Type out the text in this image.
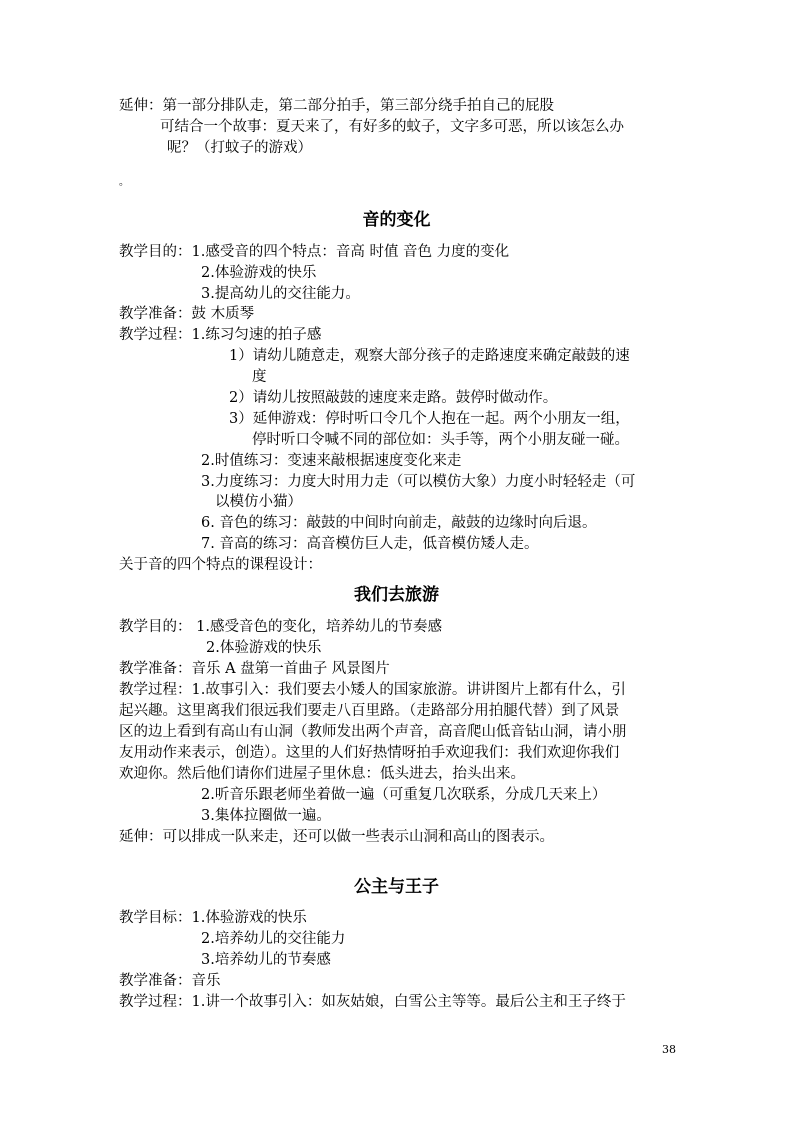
延伸：第一部分排队走，第二部分拍手，第三部分绕手拍自己的屁股
可结合一个故事：夏天来了，有好多的蚊子，文字多可恶，所以该怎么办
呢？（打蚊子的游戏）
。
音的变化
教学目的：1.感受音的四个特点：音高 时值 音色 力度的变化
2.体验游戏的快乐
3.提高幼儿的交往能力。
教学准备：鼓 木质琴
教学过程：1.练习匀速的拍子感
1）请幼儿随意走，观察大部分孩子的走路速度来确定敲鼓的速
度
2）请幼儿按照敲鼓的速度来走路。鼓停时做动作。
3）延伸游戏：停时听口令几个人抱在一起。两个小朋友一组，
停时听口令喊不同的部位如：头手等，两个小朋友碰一碰。
2.时值练习：变速来敲根据速度变化来走
3.力度练习：力度大时用力走（可以模仿大象）力度小时轻轻走（可
以模仿小猫）
6. 音色的练习：敲鼓的中间时向前走，敲鼓的边缘时向后退。
7. 音高的练习：高音模仿巨人走，低音模仿矮人走。
关于音的四个特点的课程设计：
我们去旅游
教学目的： 1.感受音色的变化，培养幼儿的节奏感
2.体验游戏的快乐
教学准备：音乐 A 盘第一首曲子 风景图片
教学过程：1.故事引入：我们要去小矮人的国家旅游。讲讲图片上都有什么，引
起兴趣。这里离我们很远我们要走八百里路。（走路部分用拍腿代替）到了风景
区的边上看到有高山有山洞（教师发出两个声音，高音爬山低音钻山洞，请小朋
友用动作来表示，创造）。这里的人们好热情呀拍手欢迎我们：我们欢迎你我们
欢迎你。然后他们请你们进屋子里休息：低头进去，抬头出来。
2.听音乐跟老师坐着做一遍（可重复几次联系，分成几天来上）
3.集体拉圈做一遍。
延伸：可以排成一队来走，还可以做一些表示山洞和高山的图表示。
公主与王子
教学目标：1.体验游戏的快乐
2.培养幼儿的交往能力
3.培养幼儿的节奏感
教学准备：音乐
教学过程：1.讲一个故事引入：如灰姑娘，白雪公主等等。最后公主和王子终于
38
